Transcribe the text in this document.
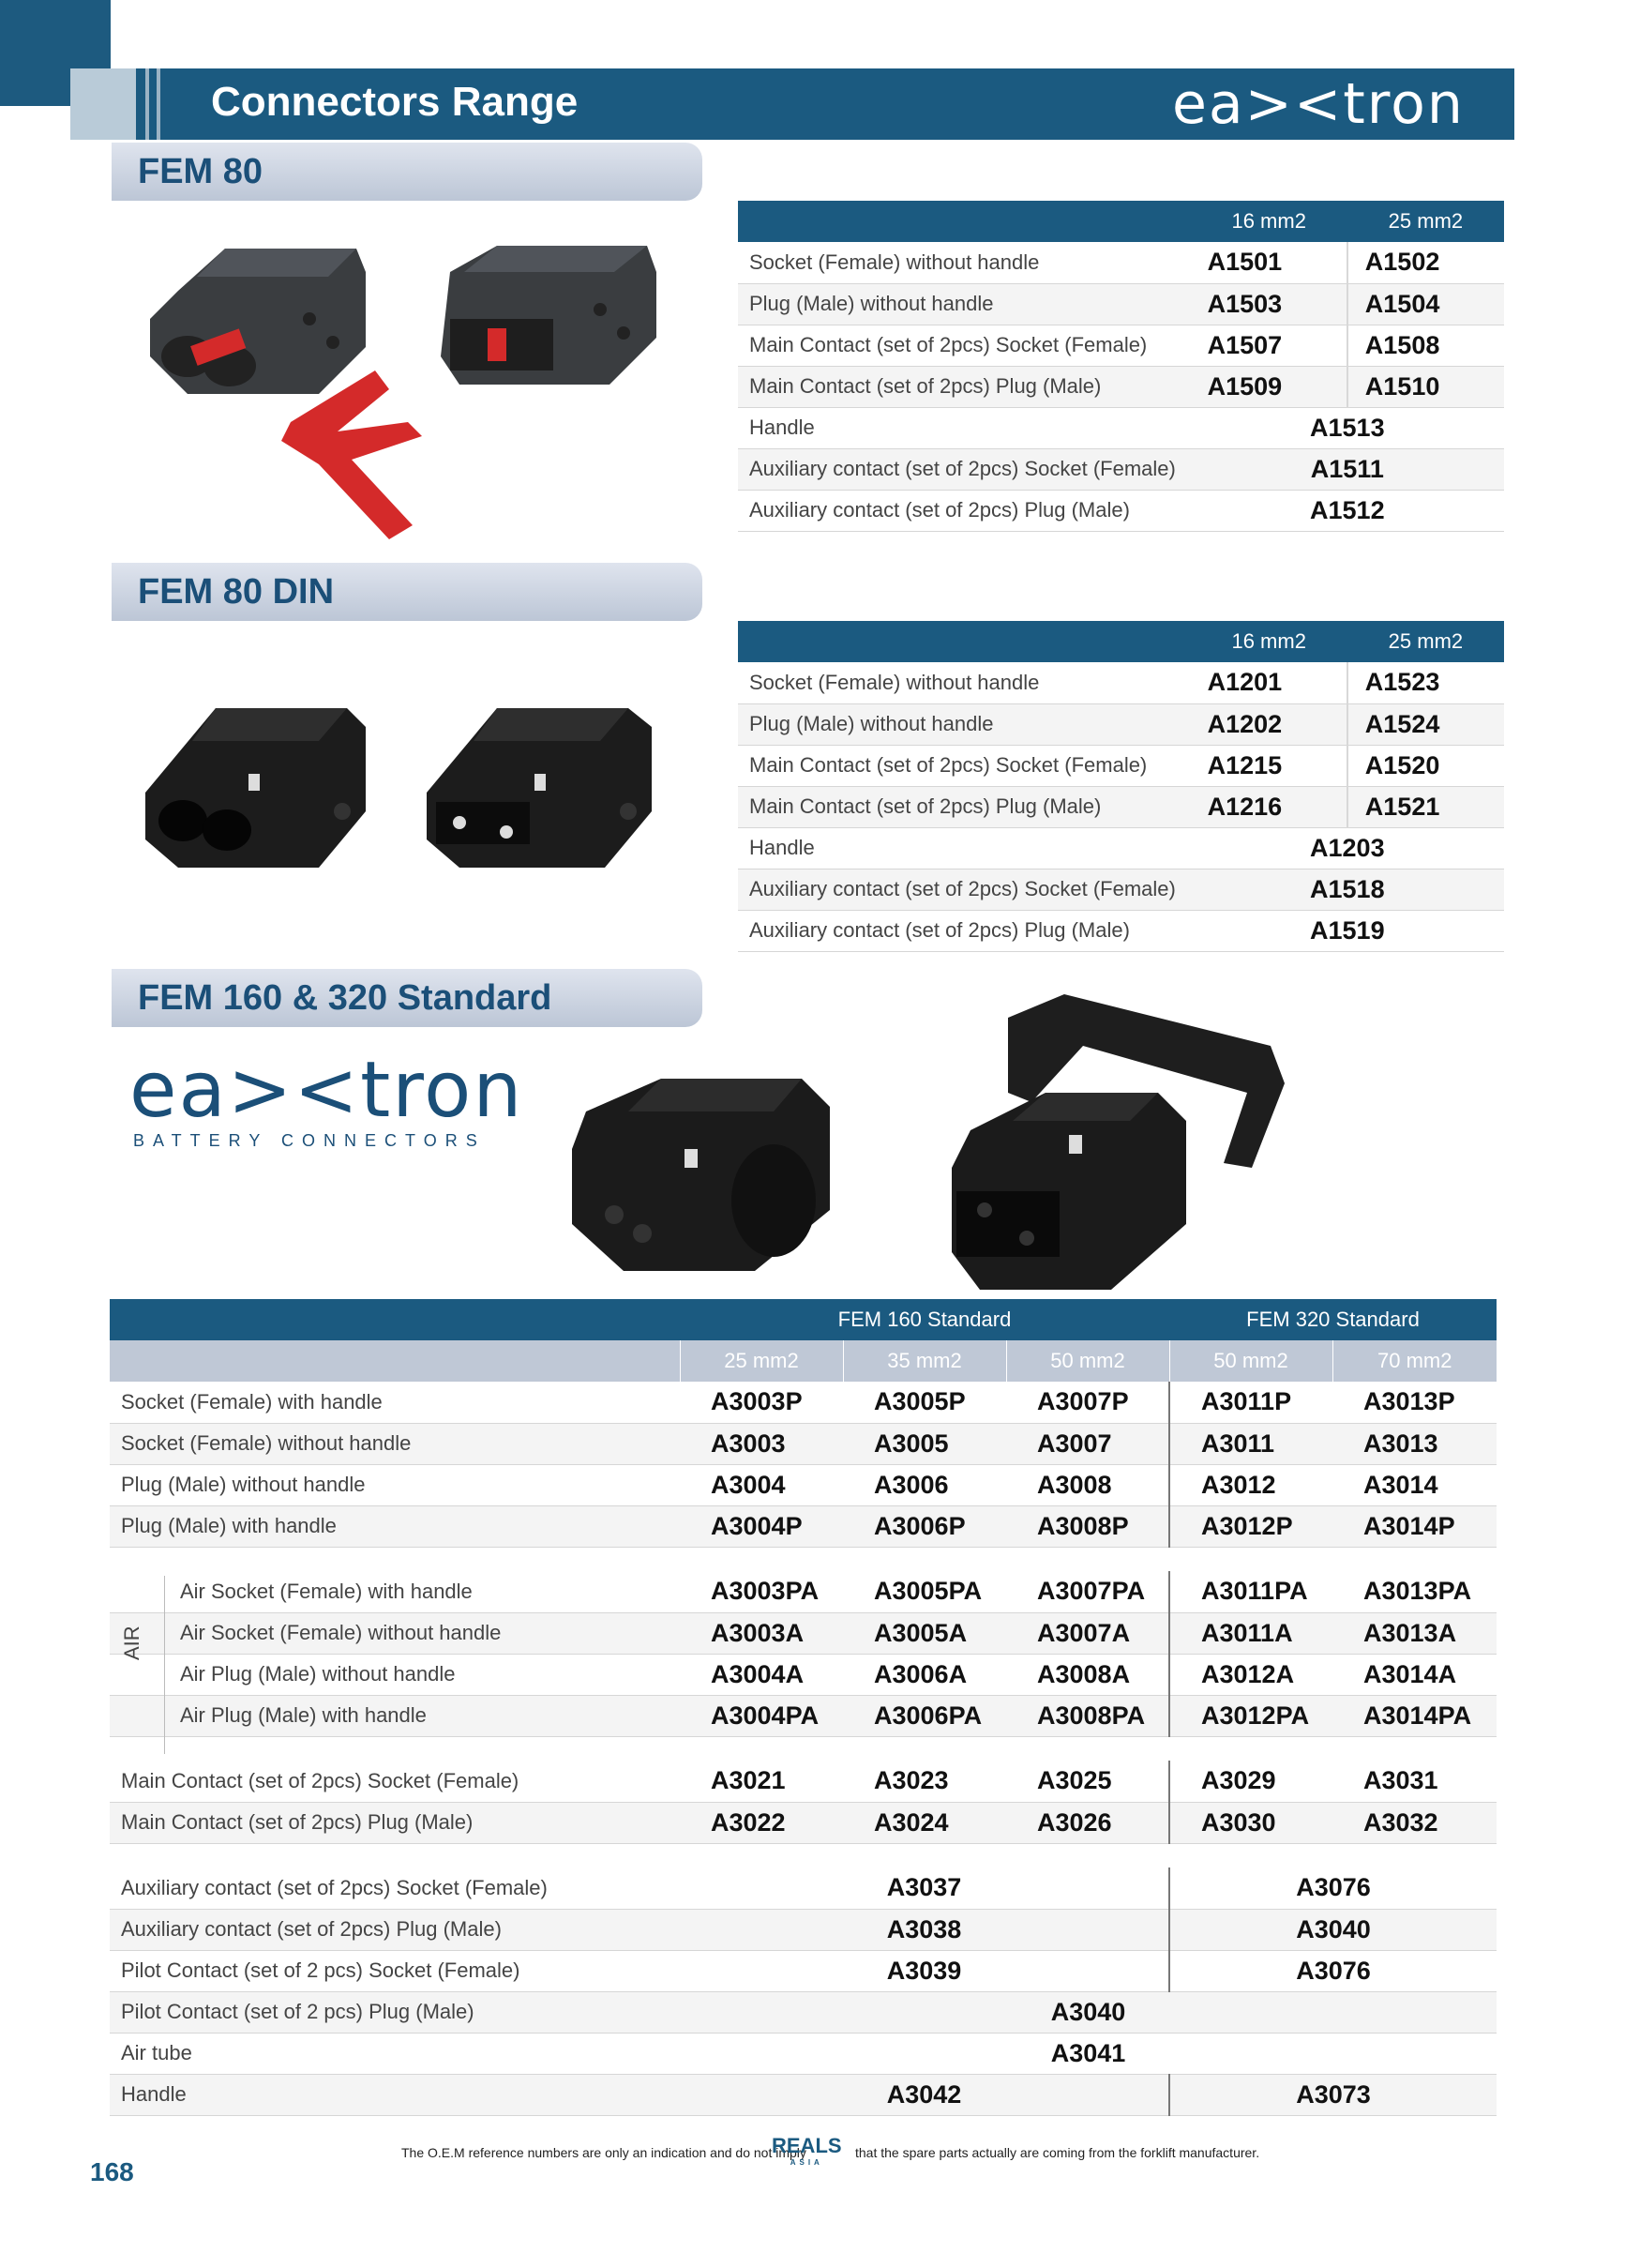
Connectors Range	ea><tron
FEM 80
	16 mm2	25 mm2
Socket (Female) without handle	A1501	A1502
Plug (Male) without handle	A1503	A1504
Main Contact (set of 2pcs) Socket (Female)	A1507	A1508
Main Contact (set of 2pcs) Plug (Male)	A1509	A1510
Handle	A1513	
Auxiliary contact (set of 2pcs) Socket (Female)	A1511	
Auxiliary contact (set of 2pcs) Plug (Male)	A1512	
FEM 80 DIN
	16 mm2	25 mm2
Socket (Female) without handle	A1201	A1523
Plug (Male) without handle	A1202	A1524
Main Contact (set of 2pcs) Socket (Female)	A1215	A1520
Main Contact (set of 2pcs) Plug (Male)	A1216	A1521
Handle	A1203	
Auxiliary contact (set of 2pcs) Socket (Female)	A1518	
Auxiliary contact (set of 2pcs) Plug (Male)	A1519	
FEM 160 & 320 Standard
ea><tron
BATTERY CONNECTORS
	FEM 160 Standard			FEM 320 Standard	
	25 mm2	35 mm2	50 mm2	50 mm2	70 mm2
Socket (Female) with handle	A3003P	A3005P	A3007P	A3011P	A3013P
Socket (Female) without handle	A3003	A3005	A3007	A3011	A3013
Plug (Male) without handle	A3004	A3006	A3008	A3012	A3014
Plug (Male) with handle	A3004P	A3006P	A3008P	A3012P	A3014P

Air Socket (Female) with handle	A3003PA	A3005PA	A3007PA	A3011PA	A3013PA
Air Socket (Female) without handle	A3003A	A3005A	A3007A	A3011A	A3013A
Air Plug (Male) without handle	A3004A	A3006A	A3008A	A3012A	A3014A
Air Plug (Male) with handle	A3004PA	A3006PA	A3008PA	A3012PA	A3014PA

Main Contact (set of 2pcs) Socket (Female)	A3021	A3023	A3025	A3029	A3031
Main Contact (set of 2pcs) Plug (Male)	A3022	A3024	A3026	A3030	A3032

Auxiliary contact (set of 2pcs) Socket (Female)	A3037			A3076	
Auxiliary contact (set of 2pcs) Plug (Male)	A3038			A3040	
Pilot Contact (set of 2 pcs) Socket (Female)	A3039			A3076	
Pilot Contact (set of 2 pcs) Plug (Male)	A3040				
Air tube	A3041				
Handle	A3042			A3073	
AIR
The O.E.M reference numbers are only an indication and do not imply
REALS
ASIA
that the spare parts actually are coming from the forklift manufacturer.
168
